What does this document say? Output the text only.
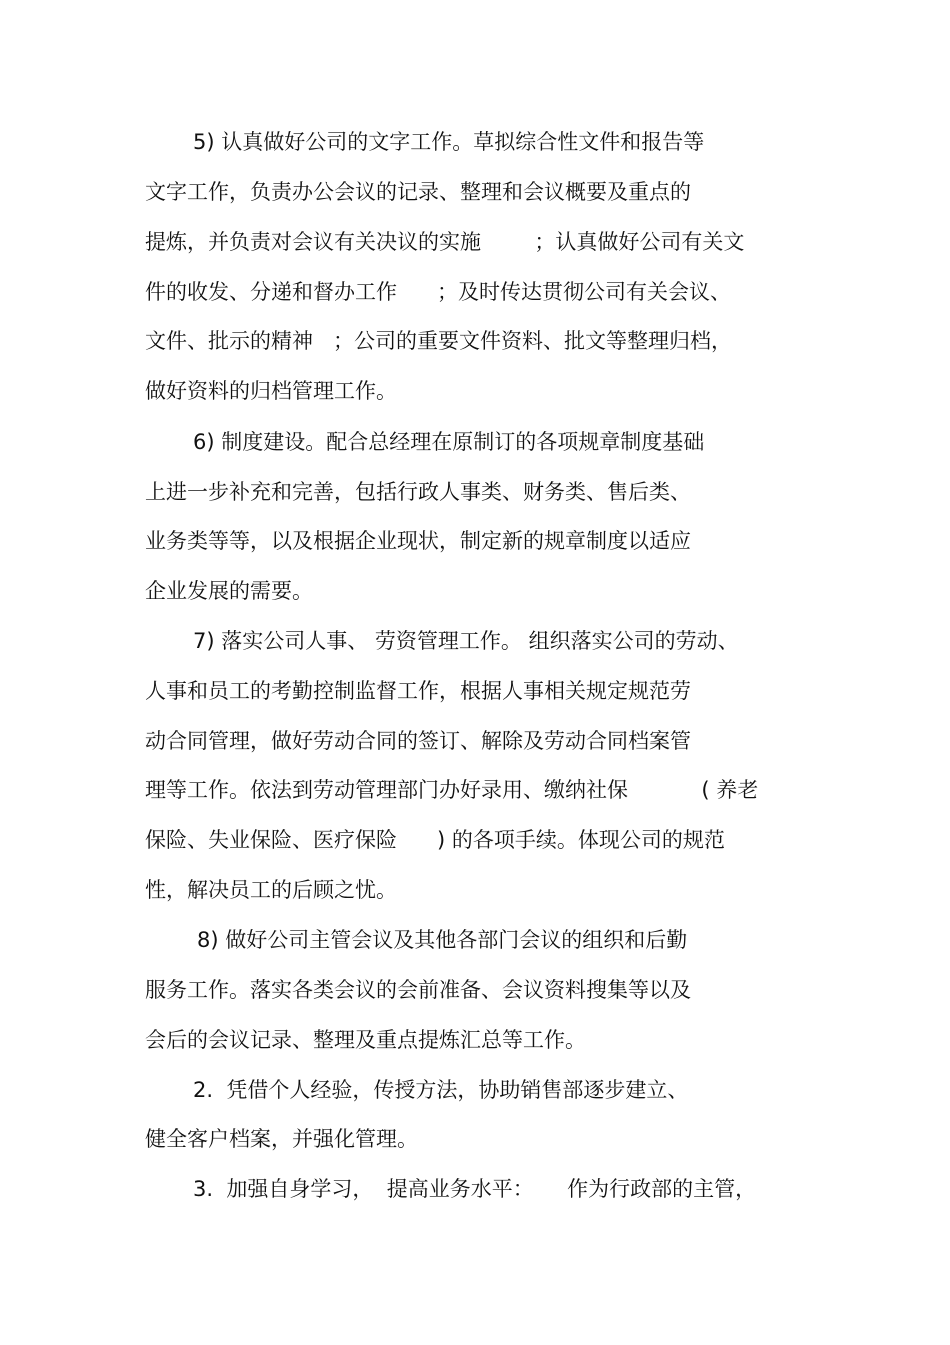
5) 认真做好公司的文字工作。草拟综合性文件和报告等
文字工作，负责办公会议的记录、整理和会议概要及重点的
提炼，并负责对会议有关决议的实施        ；认真做好公司有关文
件的收发、分递和督办工作      ；及时传达贯彻公司有关会议、
文件、批示的精神   ；公司的重要文件资料、批文等整理归档，
做好资料的归档管理工作。
6) 制度建设。配合总经理在原制订的各项规章制度基础
上进一步补充和完善，包括行政人事类、财务类、售后类、
业务类等等，以及根据企业现状，制定新的规章制度以适应
企业发展的需要。
7) 落实公司人事、 劳资管理工作。 组织落实公司的劳动、
人事和员工的考勤控制监督工作，根据人事相关规定规范劳
动合同管理，做好劳动合同的签订、解除及劳动合同档案管
理等工作。依法到劳动管理部门办好录用、缴纳社保           ( 养老
保险、失业保险、医疗保险      ) 的各项手续。体现公司的规范
性，解决员工的后顾之忧。
8) 做好公司主管会议及其他各部门会议的组织和后勤
服务工作。落实各类会议的会前准备、会议资料搜集等以及
会后的会议记录、整理及重点提炼汇总等工作。
2.  凭借个人经验，传授方法，协助销售部逐步建立、
健全客户档案，并强化管理。
3.  加强自身学习，  提高业务水平：     作为行政部的主管，
